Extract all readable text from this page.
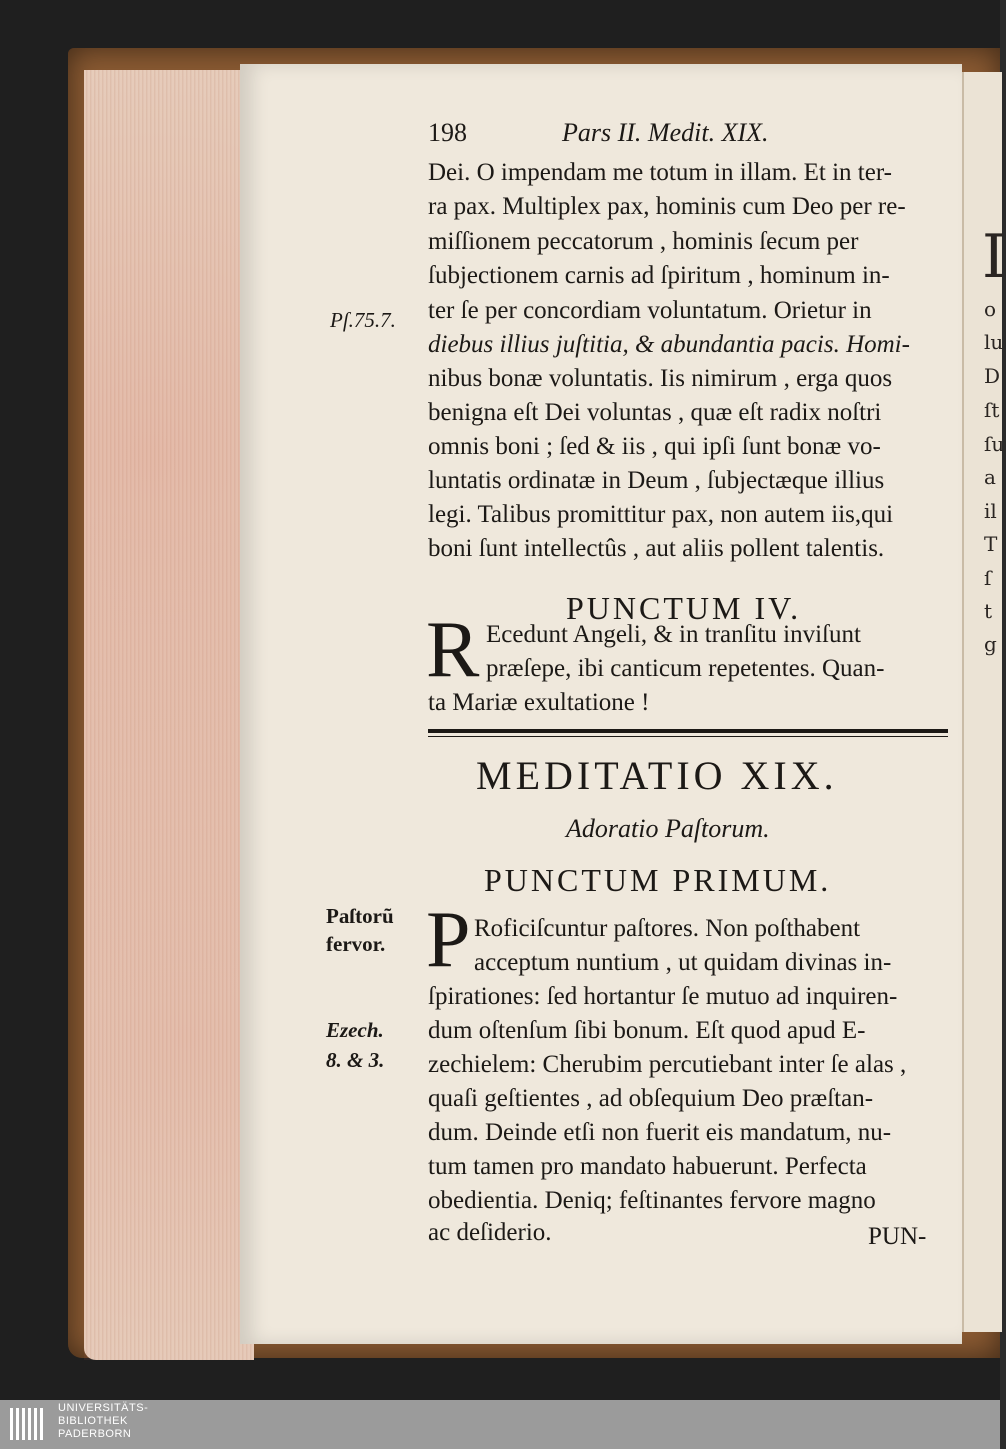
I
o
lu
D
ſt
ſu
a
il
T
ſ
t
g
198	Pars II. Medit. XIX.
Pſ.75.7.
Paſtorũ
fervor.
Ezech.
8. & 3.
Dei. O impendam me totum in illam. Et in ter-
ra pax. Multiplex pax, hominis cum Deo per re-
miſſionem peccatorum , hominis ſecum per
ſubjectionem carnis ad ſpiritum , hominum in-
ter ſe per concordiam voluntatum. Orietur in
diebus illius juſtitia, & abundantia pacis. Homi-
nibus bonæ voluntatis. Iis nimirum , erga quos
benigna eſt Dei voluntas , quæ eſt radix noſtri
omnis boni ; ſed & iis , qui ipſi ſunt bonæ vo-
luntatis ordinatæ in Deum , ſubjectæque illius
legi. Talibus promittitur pax, non autem iis,qui
boni ſunt intellectûs , aut aliis pollent talentis.
PUNCTUM IV.
R Ecedunt Angeli, & in tranſitu inviſunt
præſepe, ibi canticum repetentes. Quan-
ta Mariæ exultatione !
MEDITATIO XIX.
Adoratio Paſtorum.
PUNCTUM PRIMUM.
P Roficiſcuntur paſtores. Non poſthabent
acceptum nuntium , ut quidam divinas in-
ſpirationes: ſed hortantur ſe mutuo ad inquiren-
dum oſtenſum ſibi bonum. Eſt quod apud E-
zechielem: Cherubim percutiebant inter ſe alas ,
quaſi geſtientes , ad obſequium Deo præſtan-
dum. Deinde etſi non fuerit eis mandatum, nu-
tum tamen pro mandato habuerunt. Perfecta
obedientia. Deniq; feſtinantes fervore magno
ac deſiderio.	PUN-
UNIVERSITÄTS-
BIBLIOTHEK
PADERBORN
